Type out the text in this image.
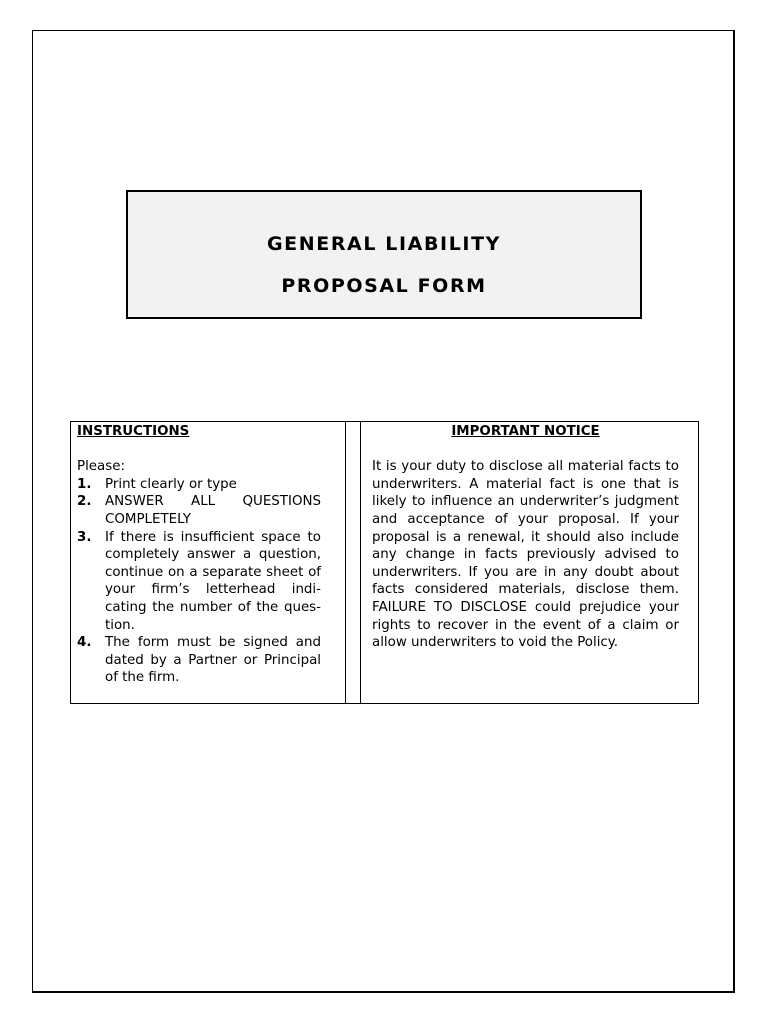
GENERAL LIABILITY
PROPOSAL FORM

INSTRUCTIONS

Please:

1. Print clearly or type
2. ANSWER ALL QUESTIONS COMPLETELY
3. If there is insufficient space to completely answer a question, continue on a separate sheet of your firm’s letterhead indi-cating the number of the ques-tion.
4. The form must be signed and dated by a Partner or Principal of the firm.

IMPORTANT NOTICE

It is your duty to disclose all material facts to underwriters. A material fact is one that is likely to influence an underwriter’s judgment and acceptance of your proposal. If your proposal is a renewal, it should also include any change in facts previously advised to underwriters. If you are in any doubt about facts considered materials, disclose them. FAILURE TO DISCLOSE could prejudice your rights to recover in the event of a claim or allow underwriters to void the Policy.
